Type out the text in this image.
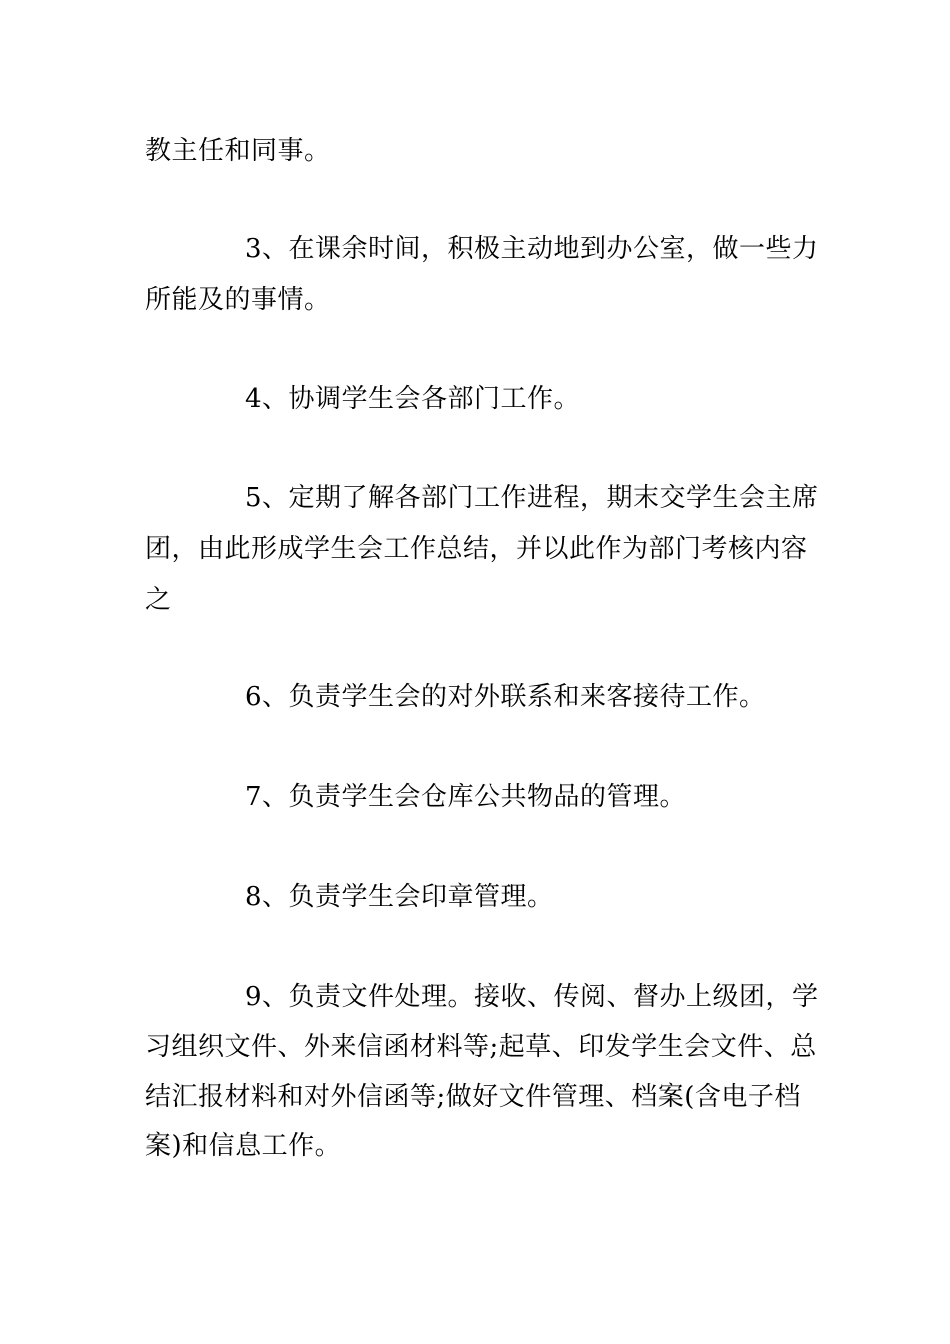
教主任和同事。
3、在课余时间，积极主动地到办公室，做一些力
所能及的事情。
4、协调学生会各部门工作。
5、定期了解各部门工作进程，期末交学生会主席
团，由此形成学生会工作总结，并以此作为部门考核内容
之
6、负责学生会的对外联系和来客接待工作。
7、负责学生会仓库公共物品的管理。
8、负责学生会印章管理。
9、负责文件处理。接收、传阅、督办上级团，学
习组织文件、外来信函材料等;起草、印发学生会文件、总
结汇报材料和对外信函等;做好文件管理、档案(含电子档
案)和信息工作。
